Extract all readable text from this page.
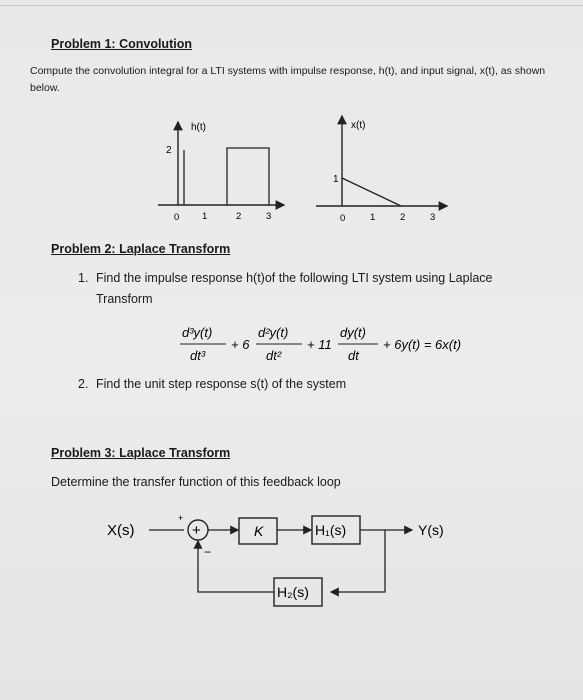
Problem 1: Convolution
Compute the convolution integral for a LTI systems with impulse response, h(t), and input signal, x(t), as shown below.
h(t)
2
0 1	2	3
x(t)
1
0	1	2	3
X(s)
+
+	K	H₁(s)	Y(s)
H₂(s)
−
Problem 2: Laplace Transform
1. Find the impulse response h(t)of the following LTI system using Laplace
Transform
d³y(t)
dt³
+ 6
d²y(t)
dt²
+ 11
dy(t)
dt
+ 6y(t) = 6x(t)
2. Find the unit step response s(t) of the system
Problem 3: Laplace Transform
Determine the transfer function of this feedback loop
